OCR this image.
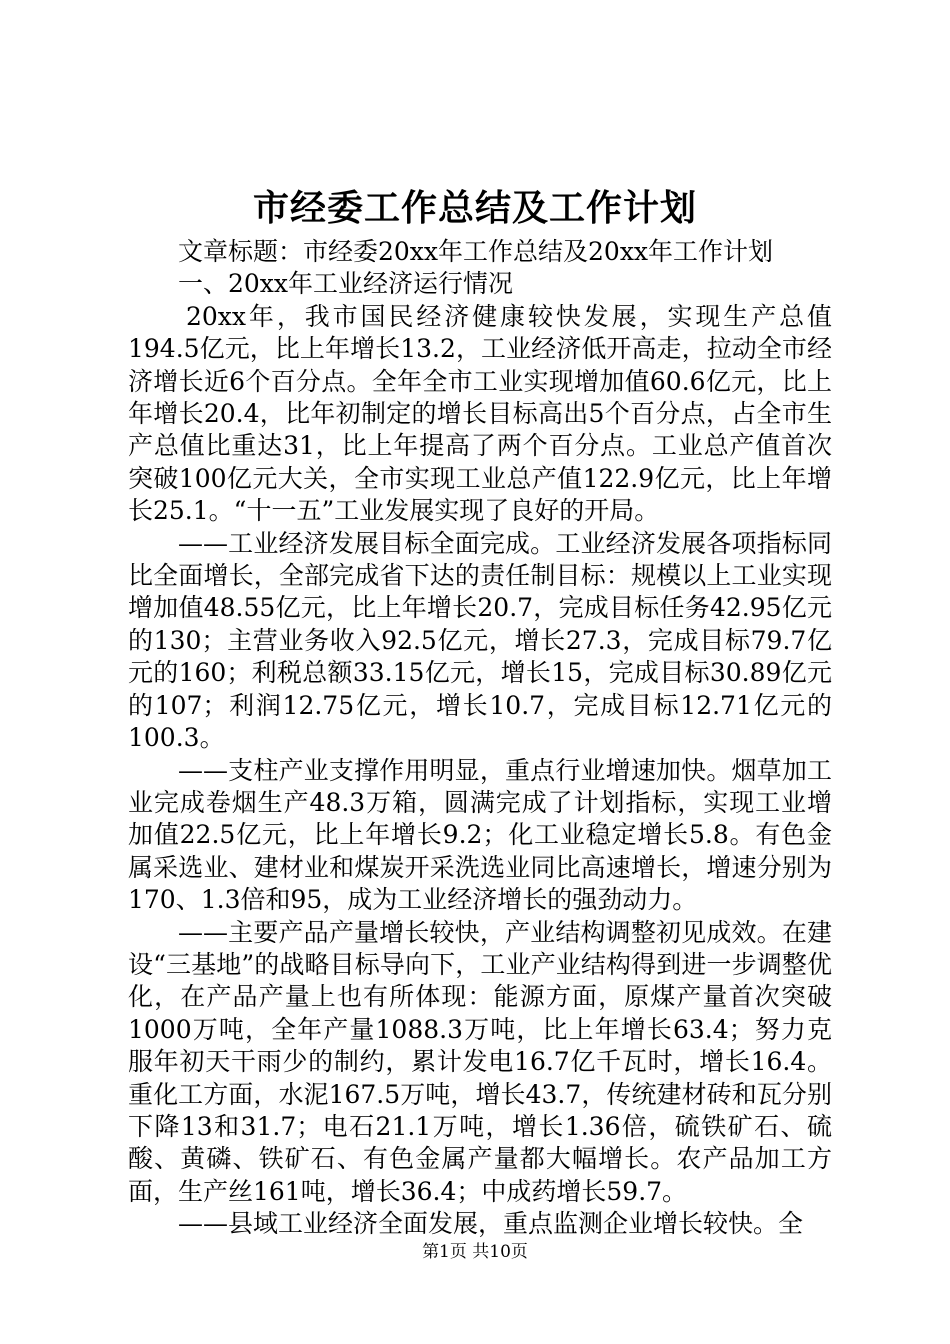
市经委工作总结及工作计划

文章标题：市经委20xx年工作总结及20xx年工作计划

一、20xx年工业经济运行情况

20xx年，我市国民经济健康较快发展，实现生产总值194.5亿元，比上年增长13.2，工业经济低开高走，拉动全市经济增长近6个百分点。全年全市工业实现增加值60.6亿元，比上年增长20.4，比年初制定的增长目标高出5个百分点，占全市生产总值比重达31，比上年提高了两个百分点。工业总产值首次突破100亿元大关，全市实现工业总产值122.9亿元，比上年增长25.1。“十一五”工业发展实现了良好的开局。

——工业经济发展目标全面完成。工业经济发展各项指标同比全面增长，全部完成省下达的责任制目标：规模以上工业实现增加值48.55亿元，比上年增长20.7，完成目标任务42.95亿元的130；主营业务收入92.5亿元，增长27.3，完成目标79.7亿元的160；利税总额33.15亿元，增长15，完成目标30.89亿元的107；利润12.75亿元，增长10.7，完成目标12.71亿元的100.3。

——支柱产业支撑作用明显，重点行业增速加快。烟草加工业完成卷烟生产48.3万箱，圆满完成了计划指标，实现工业增加值22.5亿元，比上年增长9.2；化工业稳定增长5.8。有色金属采选业、建材业和煤炭开采洗选业同比高速增长，增速分别为170、1.3倍和95，成为工业经济增长的强劲动力。

——主要产品产量增长较快，产业结构调整初见成效。在建设“三基地”的战略目标导向下，工业产业结构得到进一步调整优化，在产品产量上也有所体现：能源方面，原煤产量首次突破1000万吨，全年产量1088.3万吨，比上年增长63.4；努力克服年初天干雨少的制约，累计发电16.7亿千瓦时，增长16.4。重化工方面，水泥167.5万吨，增长43.7，传统建材砖和瓦分别下降13和31.7；电石21.1万吨，增长1.36倍，硫铁矿石、硫酸、黄磷、铁矿石、有色金属产量都大幅增长。农产品加工方面，生产丝161吨，增长36.4；中成药增长59.7。

——县域工业经济全面发展，重点监测企业增长较快。全

第1页 共10页
